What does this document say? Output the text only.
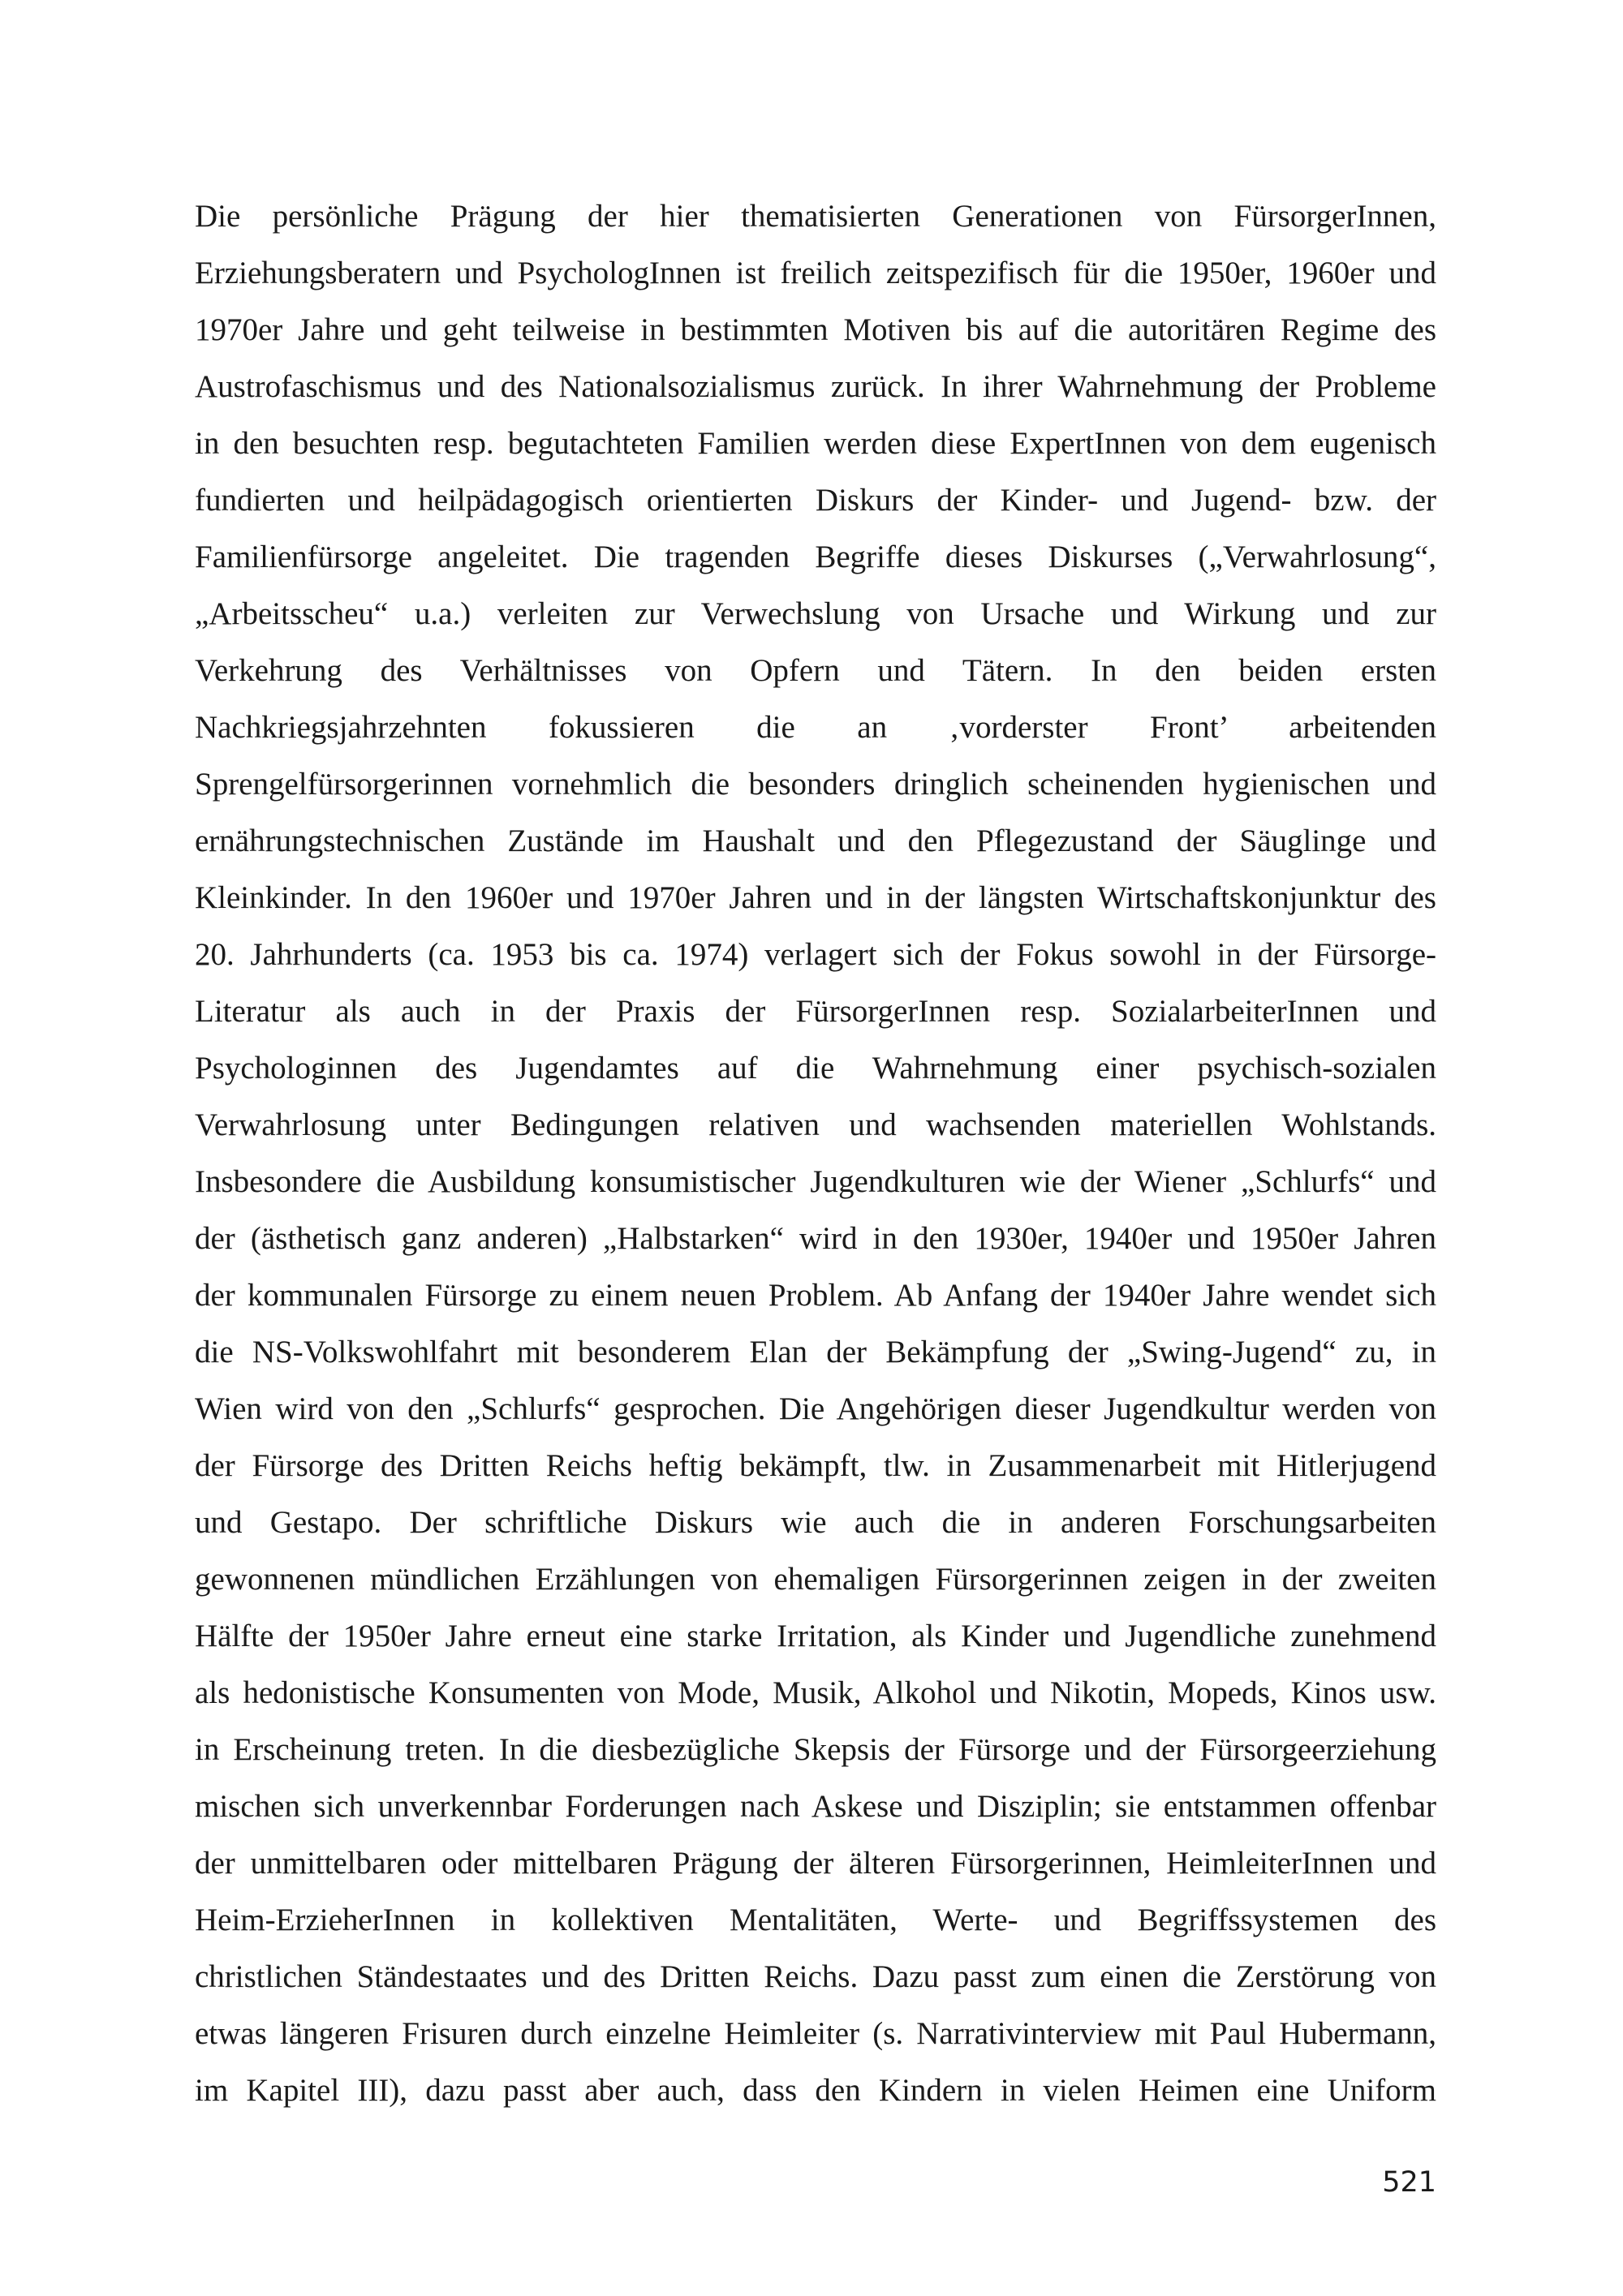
Die persönliche Prägung der hier thematisierten Generationen von FürsorgerInnen,
Erziehungsberatern und PsychologInnen ist freilich zeitspezifisch für die 1950er, 1960er und
1970er Jahre und geht teilweise in bestimmten Motiven bis auf die autoritären Regime des
Austrofaschismus und des Nationalsozialismus zurück. In ihrer Wahrnehmung der Probleme
in den besuchten resp. begutachteten Familien werden diese ExpertInnen von dem eugenisch
fundierten und heilpädagogisch orientierten Diskurs der Kinder- und Jugend- bzw. der
Familienfürsorge angeleitet. Die tragenden Begriffe dieses Diskurses („Verwahrlosung“,
„Arbeitsscheu“ u.a.) verleiten zur Verwechslung von Ursache und Wirkung und zur
Verkehrung des Verhältnisses von Opfern und Tätern. In den beiden ersten
Nachkriegsjahrzehnten fokussieren die an ‚vorderster Front’ arbeitenden
Sprengelfürsorgerinnen vornehmlich die besonders dringlich scheinenden hygienischen und
ernährungstechnischen Zustände im Haushalt und den Pflegezustand der Säuglinge und
Kleinkinder. In den 1960er und 1970er Jahren und in der längsten Wirtschaftskonjunktur des
20. Jahrhunderts (ca. 1953 bis ca. 1974) verlagert sich der Fokus sowohl in der Fürsorge-
Literatur als auch in der Praxis der FürsorgerInnen resp. SozialarbeiterInnen und
Psychologinnen des Jugendamtes auf die Wahrnehmung einer psychisch-sozialen
Verwahrlosung unter Bedingungen relativen und wachsenden materiellen Wohlstands.
Insbesondere die Ausbildung konsumistischer Jugendkulturen wie der Wiener „Schlurfs“ und
der (ästhetisch ganz anderen) „Halbstarken“ wird in den 1930er, 1940er und 1950er Jahren
der kommunalen Fürsorge zu einem neuen Problem. Ab Anfang der 1940er Jahre wendet sich
die NS-Volkswohlfahrt mit besonderem Elan der Bekämpfung der „Swing-Jugend“ zu, in
Wien wird von den „Schlurfs“ gesprochen. Die Angehörigen dieser Jugendkultur werden von
der Fürsorge des Dritten Reichs heftig bekämpft, tlw. in Zusammenarbeit mit Hitlerjugend
und Gestapo. Der schriftliche Diskurs wie auch die in anderen Forschungsarbeiten
gewonnenen mündlichen Erzählungen von ehemaligen Fürsorgerinnen zeigen in der zweiten
Hälfte der 1950er Jahre erneut eine starke Irritation, als Kinder und Jugendliche zunehmend
als hedonistische Konsumenten von Mode, Musik, Alkohol und Nikotin, Mopeds, Kinos usw.
in Erscheinung treten. In die diesbezügliche Skepsis der Fürsorge und der Fürsorgeerziehung
mischen sich unverkennbar Forderungen nach Askese und Disziplin; sie entstammen offenbar
der unmittelbaren oder mittelbaren Prägung der älteren Fürsorgerinnen, HeimleiterInnen und
Heim-ErzieherInnen in kollektiven Mentalitäten, Werte- und Begriffssystemen des
christlichen Ständestaates und des Dritten Reichs. Dazu passt zum einen die Zerstörung von
etwas längeren Frisuren durch einzelne Heimleiter (s. Narrativinterview mit Paul Hubermann,
im Kapitel III), dazu passt aber auch, dass den Kindern in vielen Heimen eine Uniform
521
